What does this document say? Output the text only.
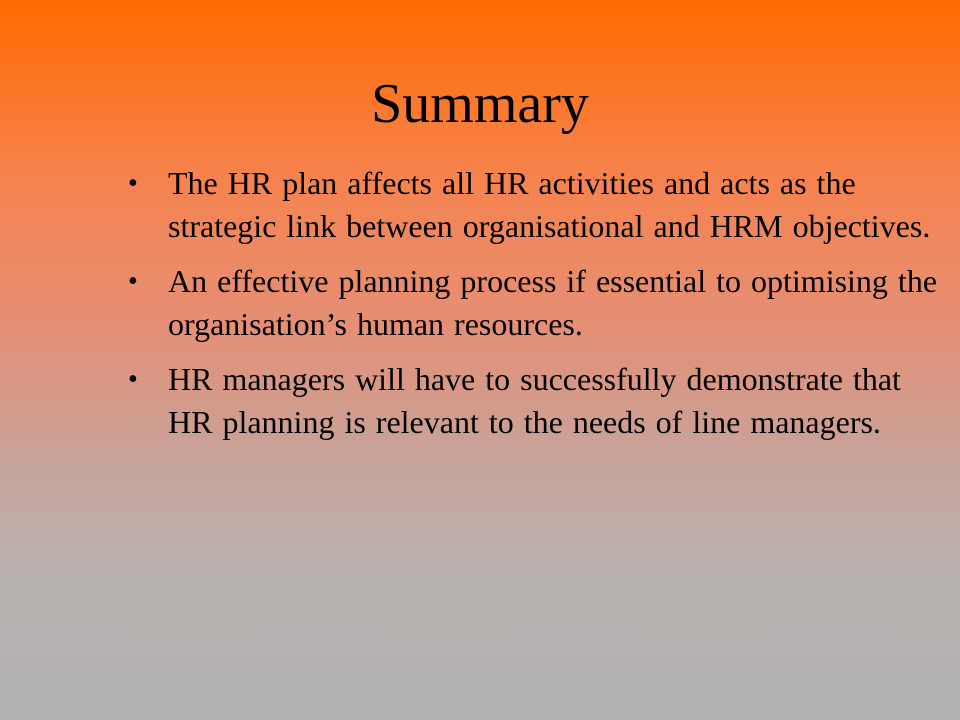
Summary
• The HR plan affects all HR activities and acts as the strategic link between organisational and HRM objectives.
• An effective planning process if essential to optimising the organisation’s human resources.
• HR managers will have to successfully demonstrate that HR planning is relevant to the needs of line managers.
